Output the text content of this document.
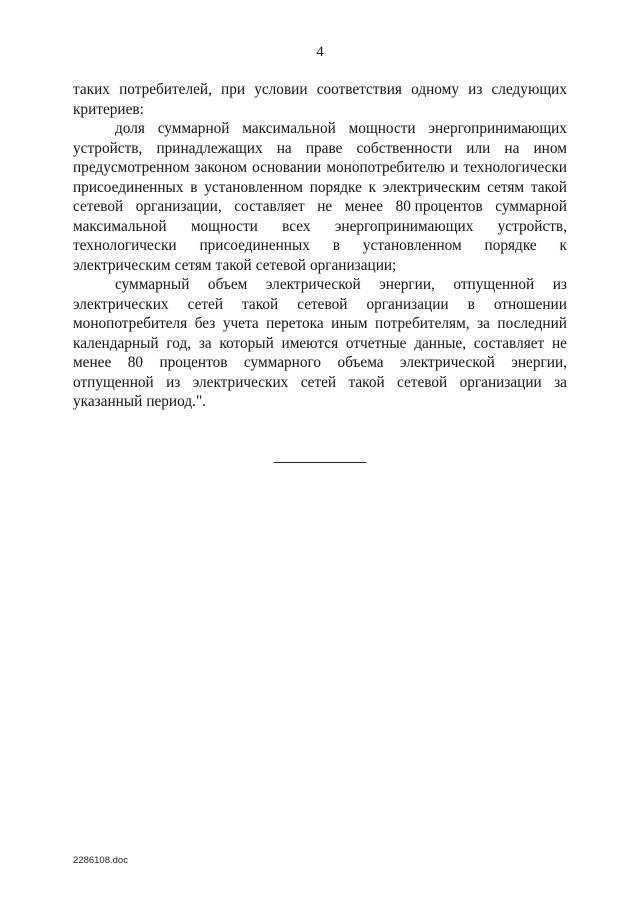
4
таких потребителей, при условии соответствия одному из следующих
критериев:
доля суммарной максимальной мощности энергопринимающих
устройств, принадлежащих на праве собственности или на ином
предусмотренном законом основании монопотребителю и технологически
присоединенных в установленном порядке к электрическим сетям такой
сетевой организации, составляет не менее 80 процентов суммарной
максимальной мощности всех энергопринимающих устройств,
технологически присоединенных в установленном порядке к
электрическим сетям такой сетевой организации;
суммарный объем электрической энергии, отпущенной из
электрических сетей такой сетевой организации в отношении
монопотребителя без учета перетока иным потребителям, за последний
календарный год, за который имеются отчетные данные, составляет не
менее 80 процентов суммарного объема электрической энергии,
отпущенной из электрических сетей такой сетевой организации за
указанный период.".
2286108.doc
